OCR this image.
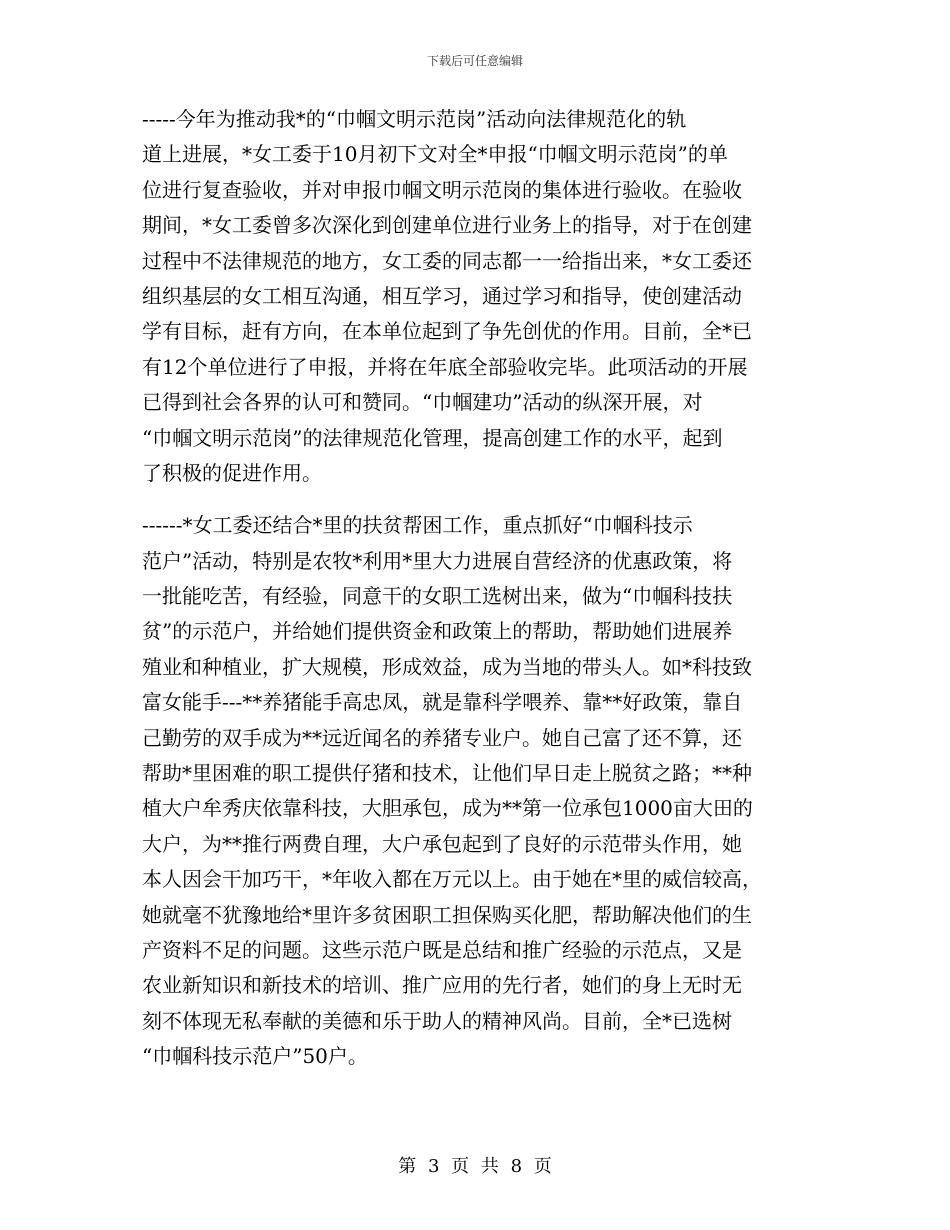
下载后可任意编辑
-----今年为推动我*的“巾帼文明示范岗”活动向法律规范化的轨
道上进展，*女工委于10月初下文对全*申报“巾帼文明示范岗”的单
位进行复查验收，并对申报巾帼文明示范岗的集体进行验收。在验收
期间，*女工委曾多次深化到创建单位进行业务上的指导，对于在创建
过程中不法律规范的地方，女工委的同志都一一给指出来，*女工委还
组织基层的女工相互沟通，相互学习，通过学习和指导，使创建活动
学有目标，赶有方向，在本单位起到了争先创优的作用。目前，全*已
有12个单位进行了申报，并将在年底全部验收完毕。此项活动的开展
已得到社会各界的认可和赞同。“巾帼建功”活动的纵深开展，对
“巾帼文明示范岗”的法律规范化管理，提高创建工作的水平，起到
了积极的促进作用。
------*女工委还结合*里的扶贫帮困工作，重点抓好“巾帼科技示
范户”活动，特别是农牧*利用*里大力进展自营经济的优惠政策，将
一批能吃苦，有经验，同意干的女职工选树出来，做为“巾帼科技扶
贫”的示范户，并给她们提供资金和政策上的帮助，帮助她们进展养
殖业和种植业，扩大规模，形成效益，成为当地的带头人。如*科技致
富女能手---**养猪能手高忠凤，就是靠科学喂养、靠**好政策，靠自
己勤劳的双手成为**远近闻名的养猪专业户。她自己富了还不算，还
帮助*里困难的职工提供仔猪和技术，让他们早日走上脱贫之路；**种
植大户牟秀庆依靠科技，大胆承包，成为**第一位承包1000亩大田的
大户，为**推行两费自理，大户承包起到了良好的示范带头作用，她
本人因会干加巧干，*年收入都在万元以上。由于她在*里的威信较高，
她就毫不犹豫地给*里许多贫困职工担保购买化肥，帮助解决他们的生
产资料不足的问题。这些示范户既是总结和推广经验的示范点，又是
农业新知识和新技术的培训、推广应用的先行者，她们的身上无时无
刻不体现无私奉献的美德和乐于助人的精神风尚。目前，全*已选树
“巾帼科技示范户”50户。
第 3 页 共 8 页
